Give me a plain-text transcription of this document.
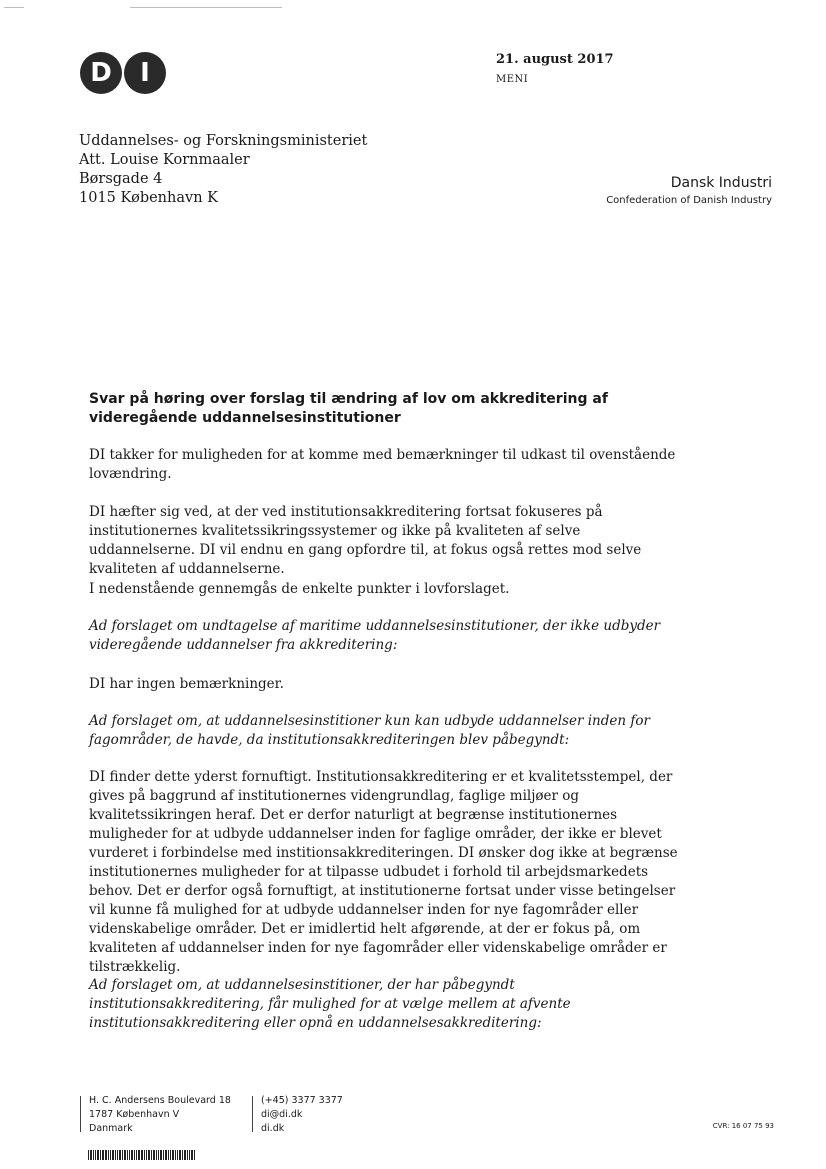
D	I	21. august 2017
MENI
Uddannelses- og Forskningsministeriet
Att. Louise Kornmaaler
Børsgade 4
1015 København K
Dansk Industri
Confederation of Danish Industry
Svar på høring over forslag til ændring af lov om akkreditering af videregående uddannelsesinstitutioner

DI takker for muligheden for at komme med bemærkninger til udkast til ovenstående lovændring.

DI hæfter sig ved, at der ved institutionsakkreditering fortsat fokuseres på institutionernes kvalitetssikringssystemer og ikke på kvaliteten af selve uddannelserne. DI vil endnu en gang opfordre til, at fokus også rettes mod selve kvaliteten af uddannelserne.

I nedenstående gennemgås de enkelte punkter i lovforslaget.

Ad forslaget om undtagelse af maritime uddannelsesinstitutioner, der ikke udbyder videregående uddannelser fra akkreditering:

DI har ingen bemærkninger.

Ad forslaget om, at uddannelsesinstitioner kun kan udbyde uddannelser inden for fagområder, de havde, da institutionsakkrediteringen blev påbegyndt:

DI finder dette yderst fornuftigt. Institutionsakkreditering er et kvalitetsstempel, der gives på baggrund af institutionernes videngrundlag, faglige miljøer og kvalitetssikringen heraf. Det er derfor naturligt at begrænse institutionernes muligheder for at udbyde uddannelser inden for faglige områder, der ikke er blevet vurderet i forbindelse med institionsakkrediteringen. DI ønsker dog ikke at begrænse institutionernes muligheder for at tilpasse udbudet i forhold til arbejdsmarkedets behov. Det er derfor også fornuftigt, at institutionerne fortsat under visse betingelser vil kunne få mulighed for at udbyde uddannelser inden for nye fagområder eller videnskabelige områder. Det er imidlertid helt afgørende, at der er fokus på, om kvaliteten af uddannelser inden for nye fagområder eller videnskabelige områder er tilstrækkelig.

Ad forslaget om, at uddannelsesinstitioner, der har påbegyndt institutionsakkreditering, får mulighed for at vælge mellem at afvente institutionsakkreditering eller opnå en uddannelsesakkreditering:

H. C. Andersens Boulevard 18
1787 København V
Danmark
(+45) 3377 3377
di@di.dk
di.dk	CVR: 16 07 75 93
